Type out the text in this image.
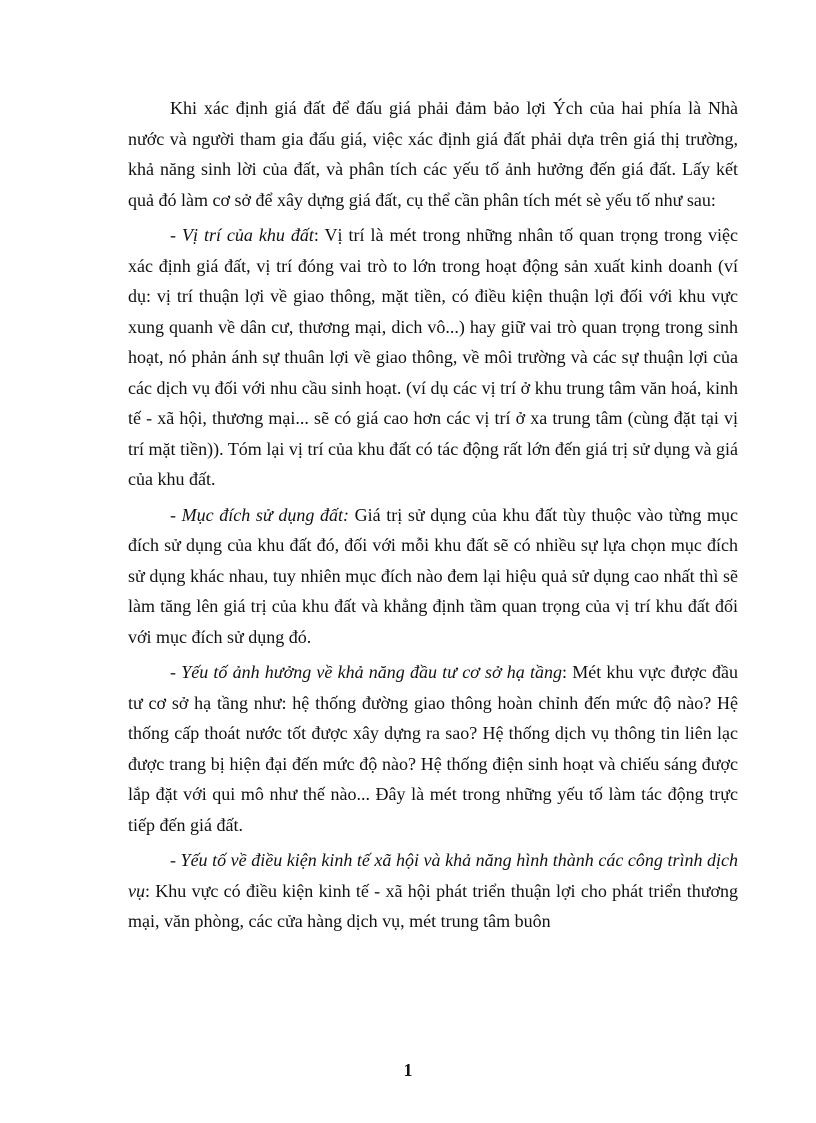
Khi xác định giá đất để đấu giá phải đảm bảo lợi Ých của hai phía là Nhà nước và người tham gia đấu giá, việc xác định giá đất phải dựa trên giá thị trường, khả năng sinh lời của đất, và phân tích các yếu tố ảnh hưởng đến giá đất. Lấy kết quả đó làm cơ sở để xây dựng giá đất, cụ thể cần phân tích mét sè yếu tố như sau:

- Vị trí của khu đất: Vị trí là mét trong những nhân tố quan trọng trong việc xác định giá đất, vị trí đóng vai trò to lớn trong hoạt động sản xuất kinh doanh (ví dụ: vị trí thuận lợi về giao thông, mặt tiền, có điều kiện thuận lợi đối với khu vực xung quanh về dân cư, thương mại, dich vô...) hay giữ vai trò quan trọng trong sinh hoạt, nó phản ánh sự thuân lợi về giao thông, về môi trường và các sự thuận lợi của các dịch vụ đối với nhu cầu sinh hoạt. (ví dụ các vị trí ở khu trung tâm văn hoá, kinh tế - xã hội, thương mại... sẽ có giá cao hơn các vị trí ở xa trung tâm (cùng đặt tại vị trí mặt tiền)). Tóm lại vị trí của khu đất có tác động rất lớn đến giá trị sử dụng và giá của khu đất.

- Mục đích sử dụng đất: Giá trị sử dụng của khu đất tùy thuộc vào từng mục đích sử dụng của khu đất đó, đối với mỗi khu đất sẽ có nhiều sự lựa chọn mục đích sử dụng khác nhau, tuy nhiên mục đích nào đem lại hiệu quả sử dụng cao nhất thì sẽ làm tăng lên giá trị của khu đất và khẳng định tầm quan trọng của vị trí khu đất đối với mục đích sử dụng đó.

- Yếu tố ảnh hưởng về khả năng đầu tư cơ sở hạ tầng: Mét khu vực được đầu tư cơ sở hạ tầng như: hệ thống đường giao thông hoàn chỉnh đến mức độ nào? Hệ thống cấp thoát nước tốt được xây dựng ra sao? Hệ thống dịch vụ thông tin liên lạc được trang bị hiện đại đến mức độ nào? Hệ thống điện sinh hoạt và chiếu sáng được lắp đặt với qui mô như thế nào... Đây là mét trong những yếu tố làm tác động trực tiếp đến giá đất.

- Yếu tố về điều kiện kinh tế xã hội và khả năng hình thành các công trình dịch vụ: Khu vực có điều kiện kinh tế - xã hội phát triển thuận lợi cho phát triển thương mại, văn phòng, các cửa hàng dịch vụ, mét trung tâm buôn

1
